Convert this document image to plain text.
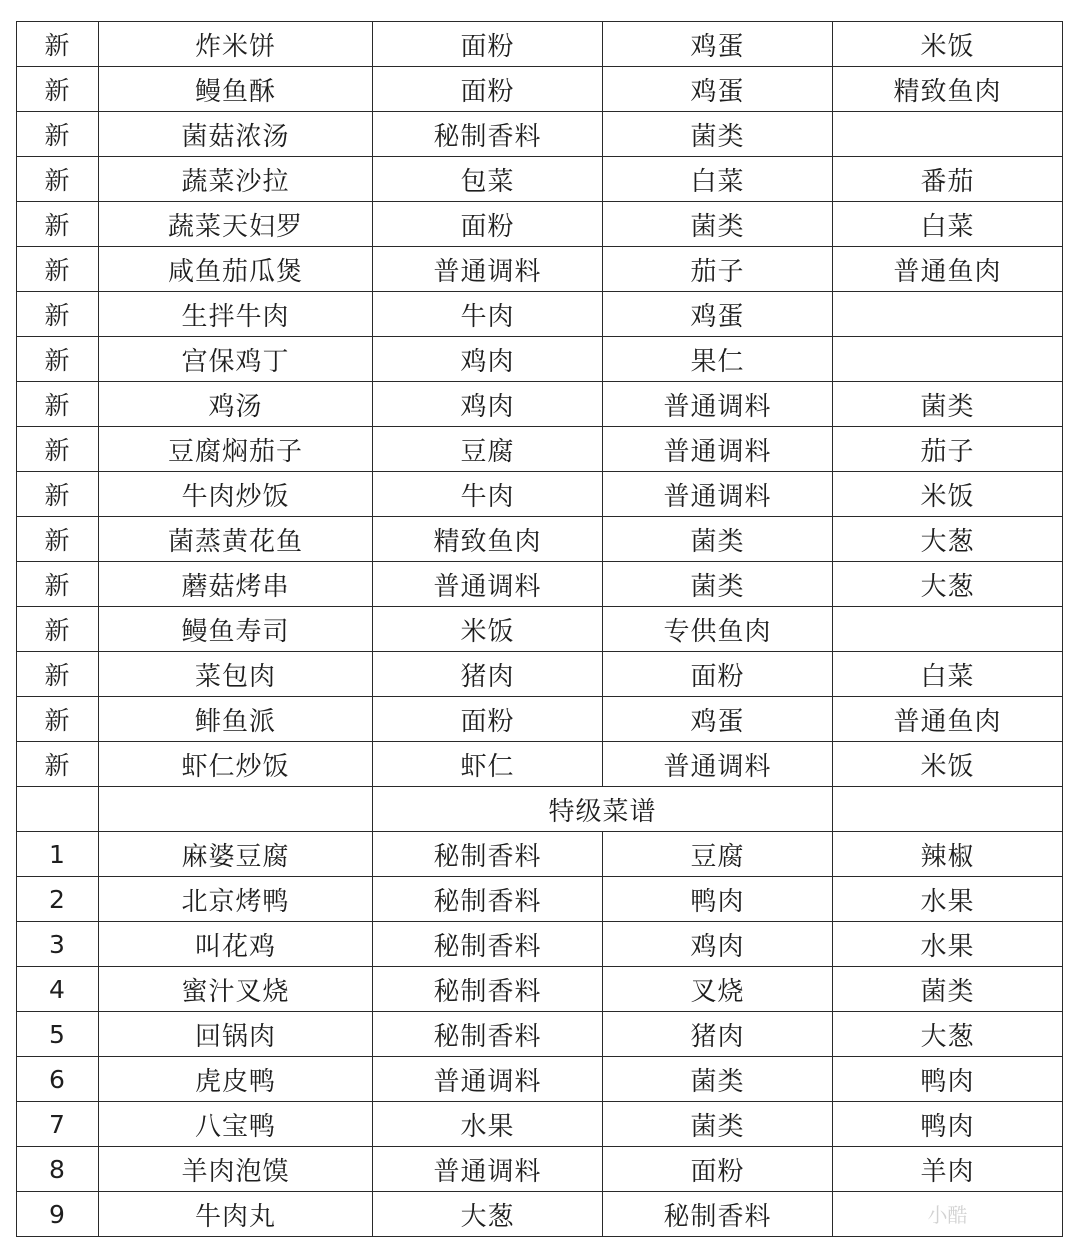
新	炸米饼	面粉	鸡蛋	米饭
新	鳗鱼酥	面粉	鸡蛋	精致鱼肉
新	菌菇浓汤	秘制香料	菌类	
新	蔬菜沙拉	包菜	白菜	番茄
新	蔬菜天妇罗	面粉	菌类	白菜
新	咸鱼茄瓜煲	普通调料	茄子	普通鱼肉
新	生拌牛肉	牛肉	鸡蛋	
新	宫保鸡丁	鸡肉	果仁	
新	鸡汤	鸡肉	普通调料	菌类
新	豆腐焖茄子	豆腐	普通调料	茄子
新	牛肉炒饭	牛肉	普通调料	米饭
新	菌蒸黄花鱼	精致鱼肉	菌类	大葱
新	蘑菇烤串	普通调料	菌类	大葱
新	鳗鱼寿司	米饭	专供鱼肉	
新	菜包肉	猪肉	面粉	白菜
新	鲱鱼派	面粉	鸡蛋	普通鱼肉
新	虾仁炒饭	虾仁	普通调料	米饭
		特级菜谱		
1	麻婆豆腐	秘制香料	豆腐	辣椒
2	北京烤鸭	秘制香料	鸭肉	水果
3	叫花鸡	秘制香料	鸡肉	水果
4	蜜汁叉烧	秘制香料	叉烧	菌类
5	回锅肉	秘制香料	猪肉	大葱
6	虎皮鸭	普通调料	菌类	鸭肉
7	八宝鸭	水果	菌类	鸭肉
8	羊肉泡馍	普通调料	面粉	羊肉
9	牛肉丸	大葱	秘制香料	小酷
